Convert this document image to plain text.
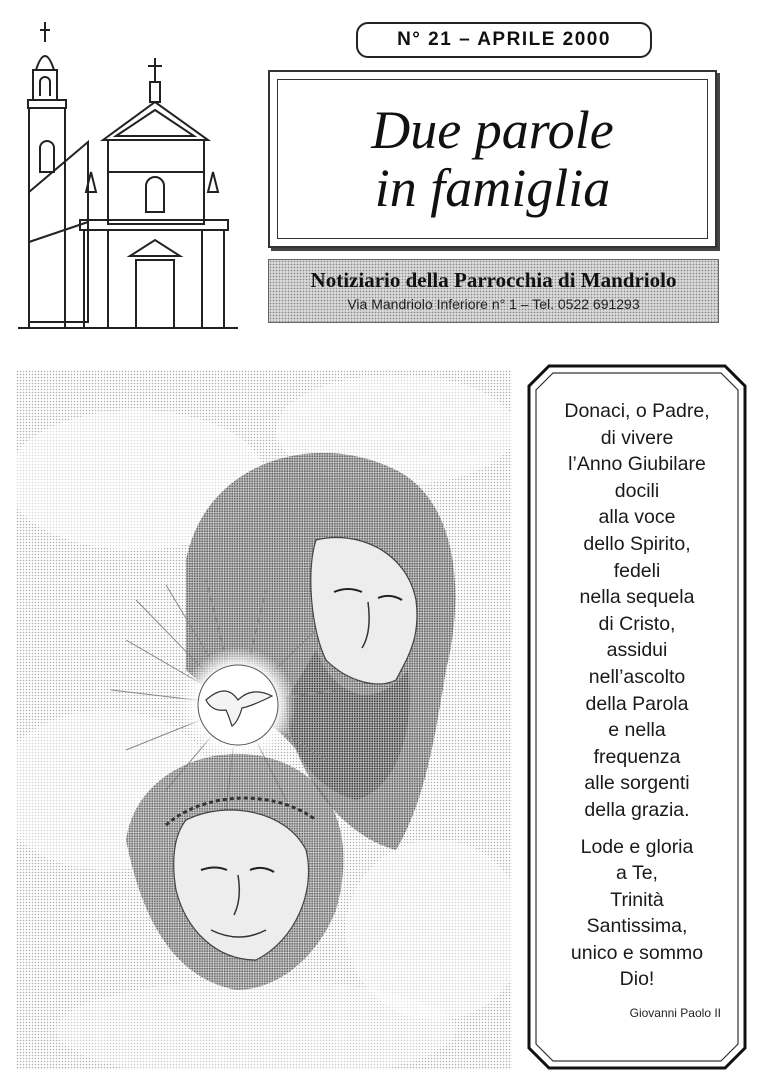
N° 21 – APRILE 2000
Due parole
in famiglia
Notiziario della Parrocchia di Mandriolo
Via Mandriolo Inferiore n° 1 – Tel. 0522 691293
Donaci, o Padre,
di vivere
l’Anno Giubilare
docili
alla voce
dello Spirito,
fedeli
nella sequela
di Cristo,
assidui
nell’ascolto
della Parola
e nella
frequenza
alle sorgenti
della grazia.
Lode e gloria
a Te,
Trinità
Santissima,
unico e sommo
Dio!
Giovanni Paolo II
